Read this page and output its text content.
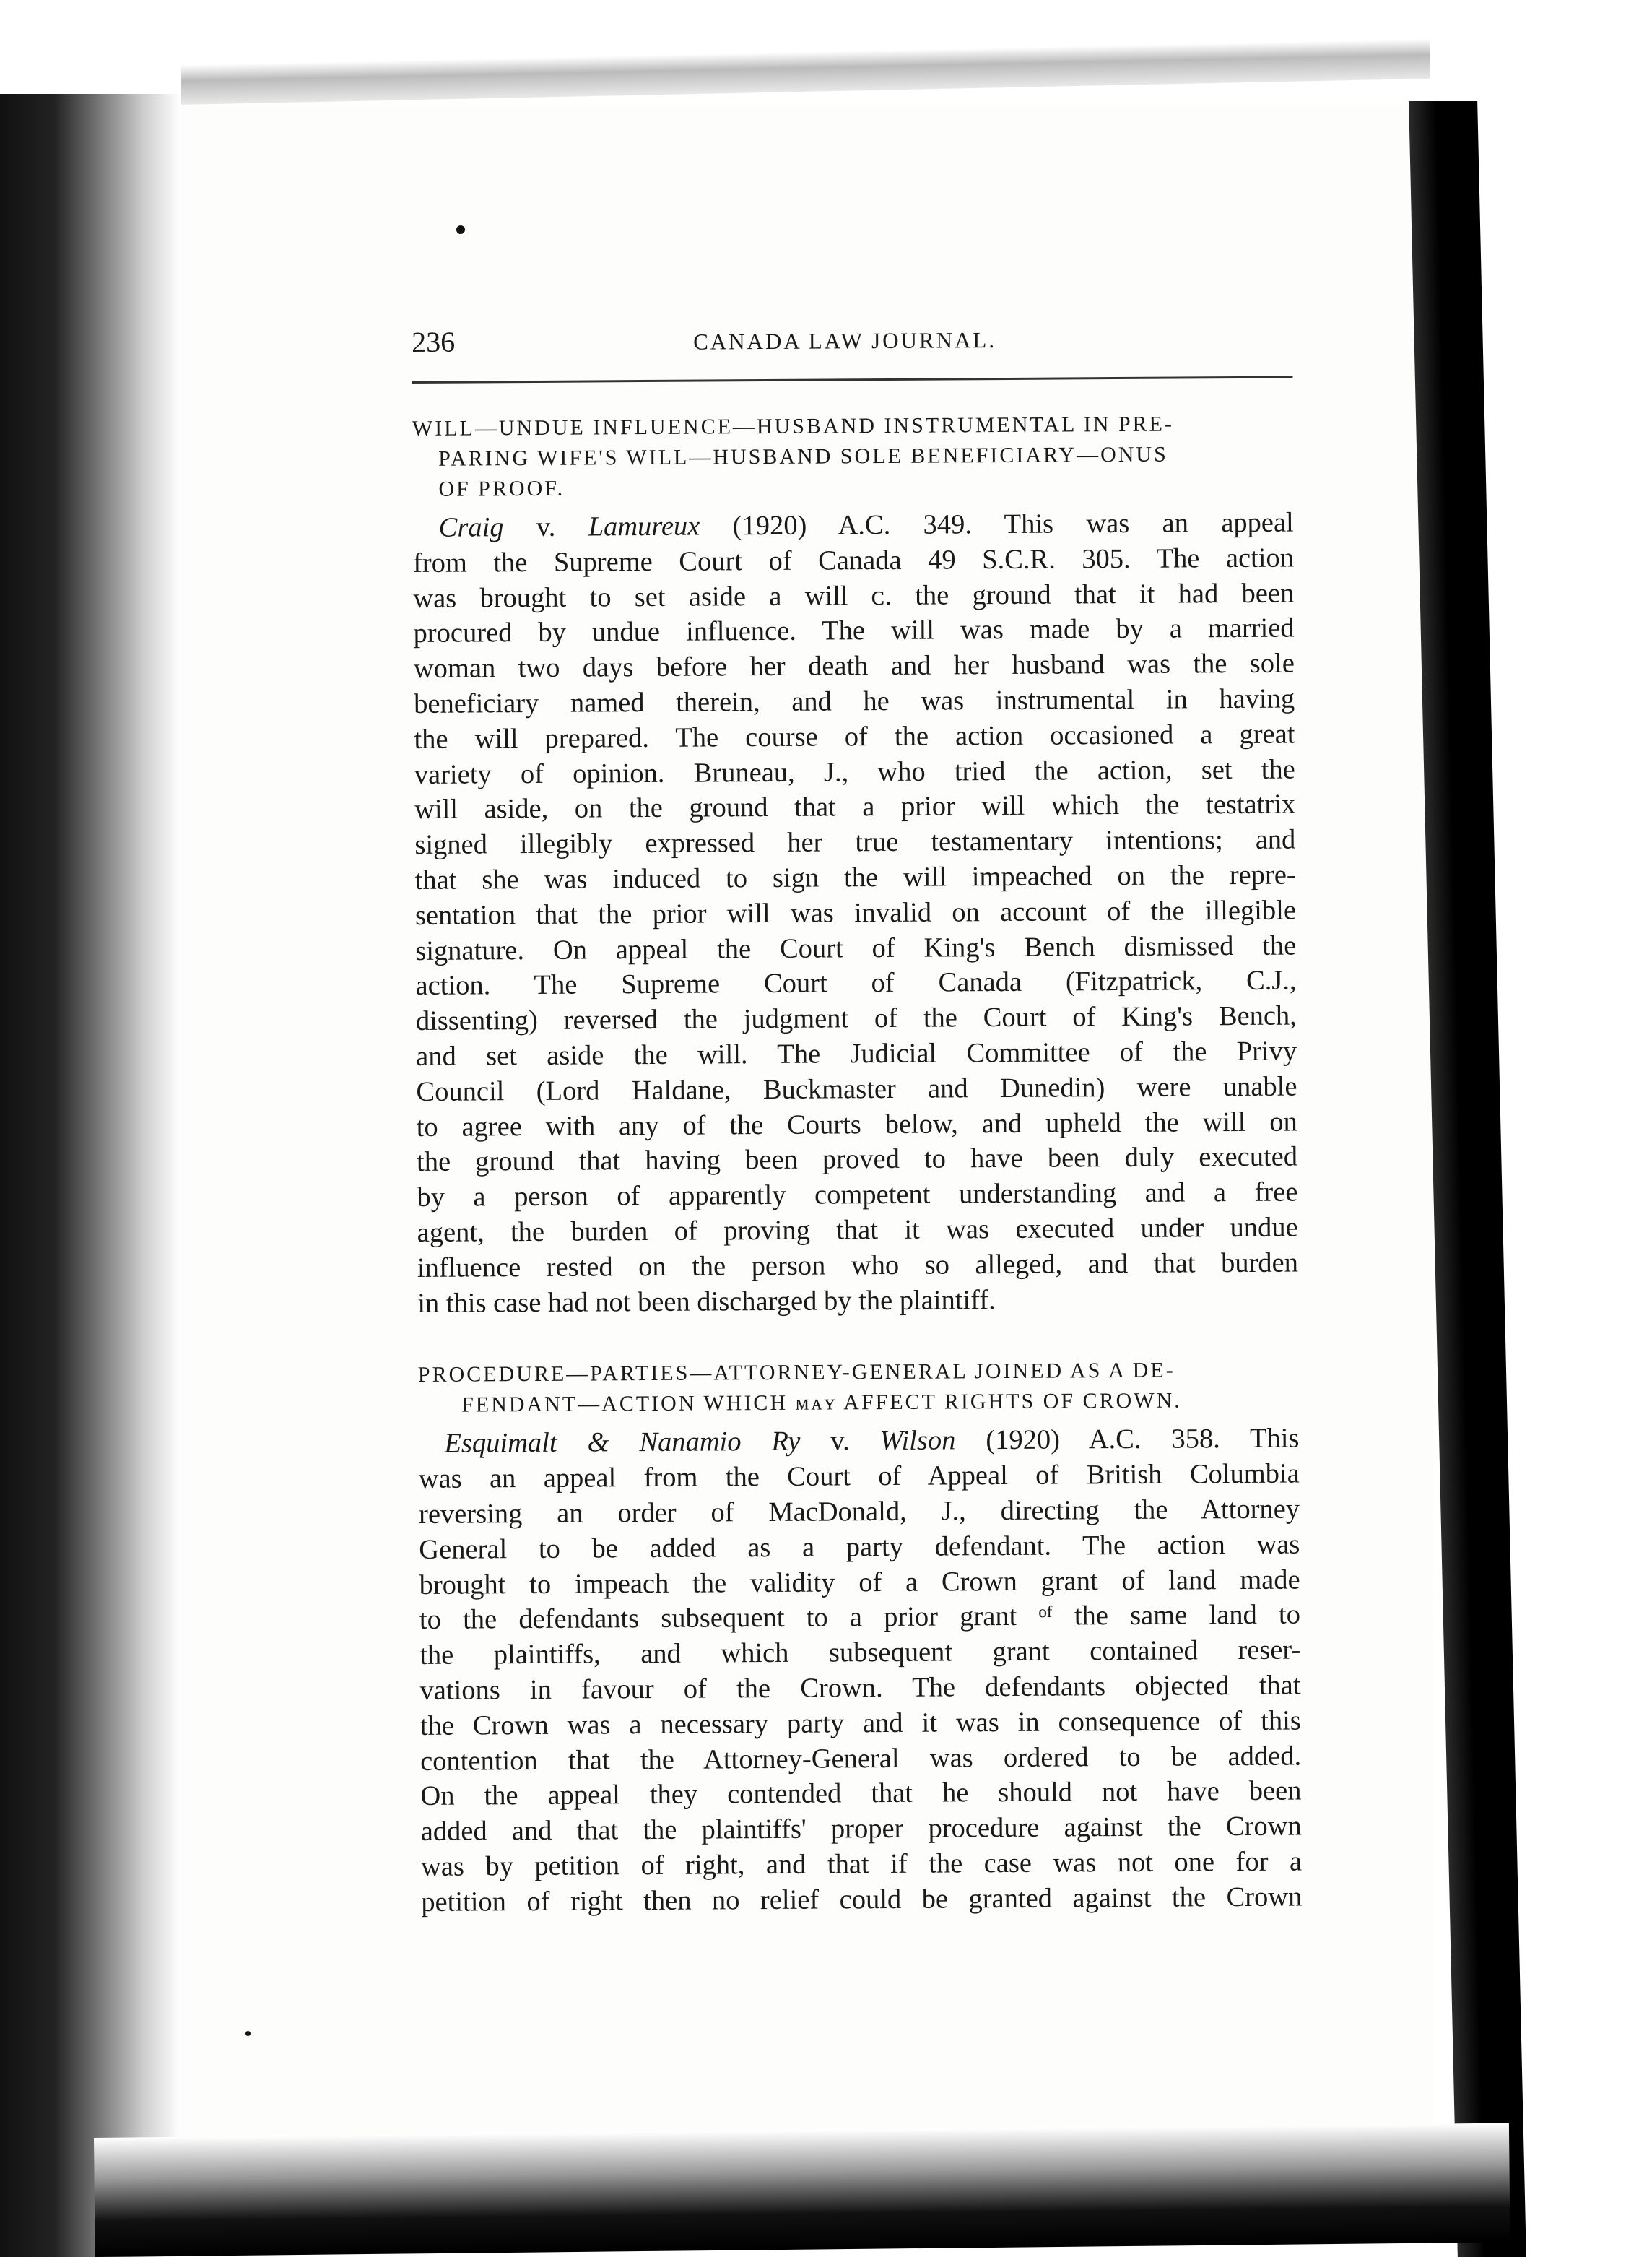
236	CANADA LAW JOURNAL.
WILL—UNDUE INFLUENCE—HUSBAND INSTRUMENTAL IN PRE-
PARING WIFE'S WILL—HUSBAND SOLE BENEFICIARY—ONUS
OF PROOF.
Craig v. Lamureux (1920) A.C. 349. This was an appeal
from the Supreme Court of Canada 49 S.C.R. 305. The action
was brought to set aside a will ᴄ. the ground that it had been
procured by undue influence. The will was made by a married
woman two days before her death and her husband was the sole
beneficiary named therein, and he was instrumental in having
the will prepared. The course of the action occasioned a great
variety of opinion. Bruneau, J., who tried the action, set the
will aside, on the ground that a prior will which the testatrix
signed illegibly expressed her true testamentary intentions; and
that she was induced to sign the will impeached on the repre-
sentation that the prior will was invalid on account of the illegible
signature. On appeal the Court of King's Bench dismissed the
action. The Supreme Court of Canada (Fitzpatrick, C.J.,
dissenting) reversed the judgment of the Court of King's Bench,
and set aside the will. The Judicial Committee of the Privy
Council (Lord Haldane, Buckmaster and Dunedin) were unable
to agree with any of the Courts below, and upheld the will on
the ground that having been proved to have been duly executed
by a person of apparently competent understanding and a free
agent, the burden of proving that it was executed under undue
influence rested on the person who so alleged, and that burden
in this case had not been discharged by the plaintiff.
PROCEDURE—PARTIES—ATTORNEY-GENERAL JOINED AS A DE-
FENDANT—ACTION WHICH ᴍᴀʏ AFFECT RIGHTS OF CROWN.
Esquimalt & Nanamio Ry v. Wilson (1920) A.C. 358. This
was an appeal from the Court of Appeal of British Columbia
reversing an order of MacDonald, J., directing the Attorney
General to be added as a party defendant. The action was
brought to impeach the validity of a Crown grant of land made
to the defendants subsequent to a prior grant ᵒᶠ the same land to
the plaintiffs, and which subsequent grant contained reser-
vations in favour of the Crown. The defendants objected that
the Crown was a necessary party and it was in consequence of this
contention that the Attorney-General was ordered to be added.
On the appeal they contended that he should not have been
added and that the plaintiffs' proper procedure against the Crown
was by petition of right, and that if the case was not one for a
petition of right then no relief could be granted against the Crown
